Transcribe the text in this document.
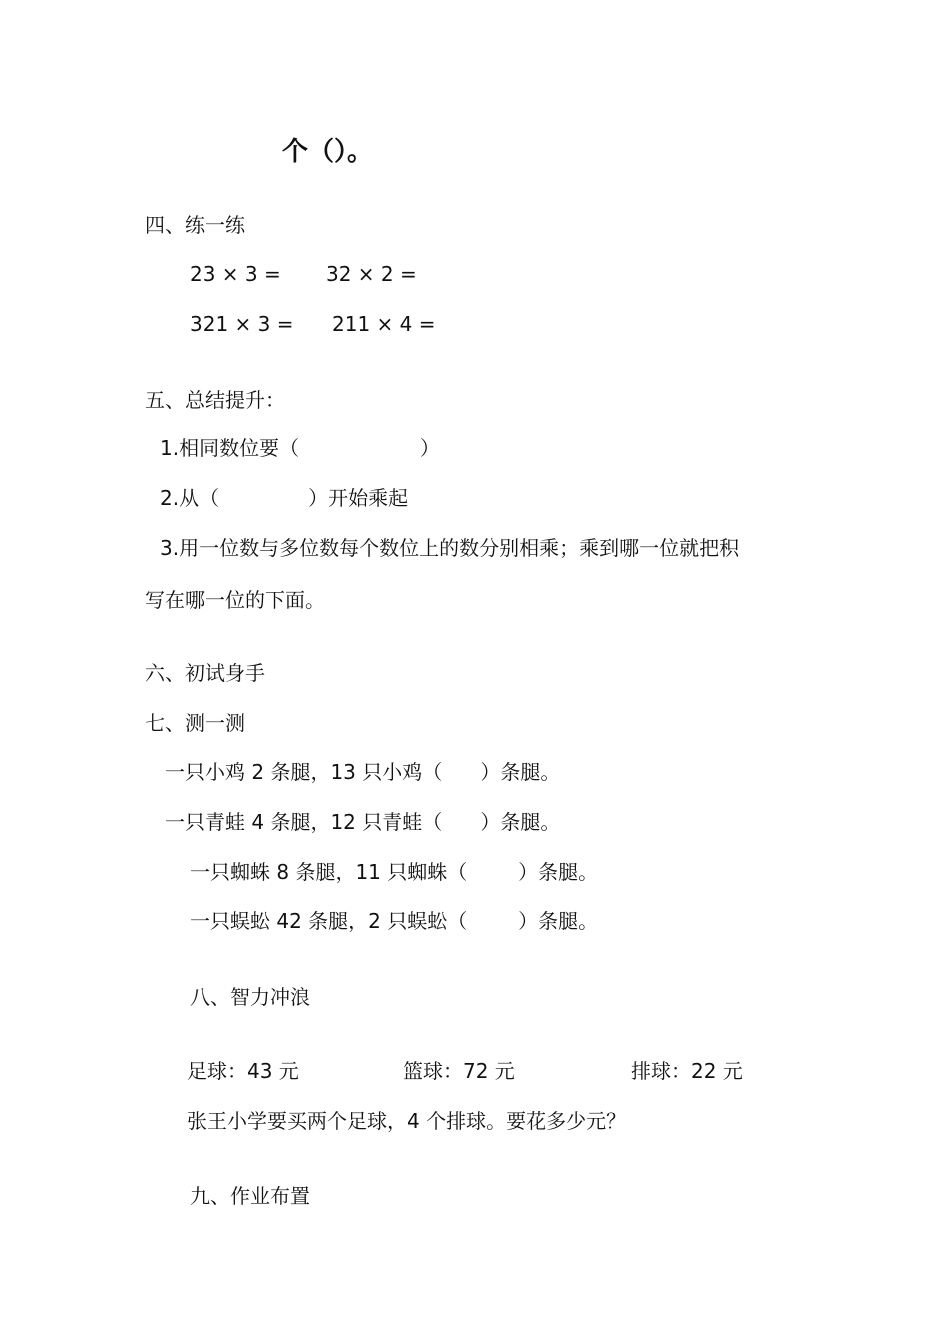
个（）。
四、练一练
23 × 3 = 32 × 2 =
321 × 3 = 211 × 4 =
五、总结提升：
1.相同数位要（                   ）
2.从（              ）开始乘起
3.用一位数与多位数每个数位上的数分别相乘；乘到哪一位就把积
写在哪一位的下面。
六、初试身手
七、测一测
一只小鸡 2 条腿，13 只小鸡（      ）条腿。
一只青蛙 4 条腿，12 只青蛙（      ）条腿。
一只蜘蛛 8 条腿，11 只蜘蛛（        ）条腿。
一只蜈蚣 42 条腿，2 只蜈蚣（        ）条腿。
八、智力冲浪
足球：43 元	篮球：72 元	排球：22 元
张王小学要买两个足球，4 个排球。要花多少元？
九、作业布置
